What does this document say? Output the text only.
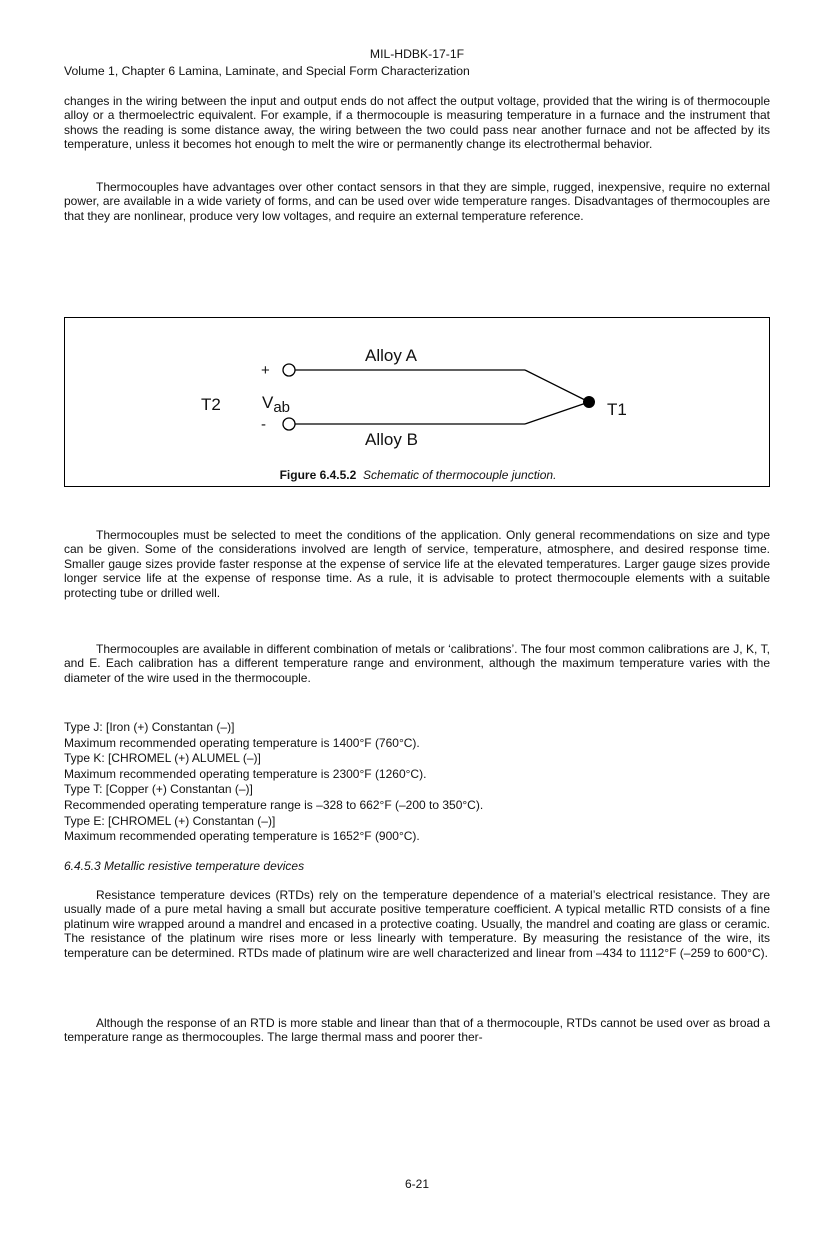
MIL-HDBK-17-1F
Volume 1, Chapter 6 Lamina, Laminate, and Special Form Characterization

changes in the wiring between the input and output ends do not affect the output voltage, provided that the wiring is of thermocouple alloy or a thermoelectric equivalent. For example, if a thermocouple is measuring temperature in a furnace and the instrument that shows the reading is some distance away, the wiring between the two could pass near another furnace and not be affected by its temperature, unless it becomes hot enough to melt the wire or permanently change its electrothermal behavior.

Thermocouples have advantages over other contact sensors in that they are simple, rugged, inexpensive, require no external power, are available in a wide variety of forms, and can be used over wide temperature ranges. Disadvantages of thermocouples are that they are nonlinear, produce very low voltages, and require an external temperature reference.

+
Alloy A
-
Alloy B
Vab
T2	T1
Figure 6.4.5.2 Schematic of thermocouple junction.

Thermocouples must be selected to meet the conditions of the application. Only general recommendations on size and type can be given. Some of the considerations involved are length of service, temperature, atmosphere, and desired response time. Smaller gauge sizes provide faster response at the expense of service life at the elevated temperatures. Larger gauge sizes provide longer service life at the expense of response time. As a rule, it is advisable to protect thermocouple elements with a suitable protecting tube or drilled well.

Thermocouples are available in different combination of metals or ‘calibrations’. The four most common calibrations are J, K, T, and E. Each calibration has a different temperature range and environment, although the maximum temperature varies with the diameter of the wire used in the thermocouple.

Type J: [Iron (+) Constantan (–)]
Maximum recommended operating temperature is 1400°F (760°C).
Type K: [CHROMEL (+) ALUMEL (–)]
Maximum recommended operating temperature is 2300°F (1260°C).
Type T: [Copper (+) Constantan (–)]
Recommended operating temperature range is –328 to 662°F (–200 to 350°C).
Type E: [CHROMEL (+) Constantan (–)]
Maximum recommended operating temperature is 1652°F (900°C).
6.4.5.3 Metallic resistive temperature devices

Resistance temperature devices (RTDs) rely on the temperature dependence of a material’s electrical resistance. They are usually made of a pure metal having a small but accurate positive temperature coefficient. A typical metallic RTD consists of a fine platinum wire wrapped around a mandrel and encased in a protective coating. Usually, the mandrel and coating are glass or ceramic. The resistance of the platinum wire rises more or less linearly with temperature. By measuring the resistance of the wire, its temperature can be determined. RTDs made of platinum wire are well characterized and linear from –434 to 1112°F (–259 to 600°C).

Although the response of an RTD is more stable and linear than that of a thermocouple, RTDs cannot be used over as broad a temperature range as thermocouples. The large thermal mass and poorer ther-

6-21
